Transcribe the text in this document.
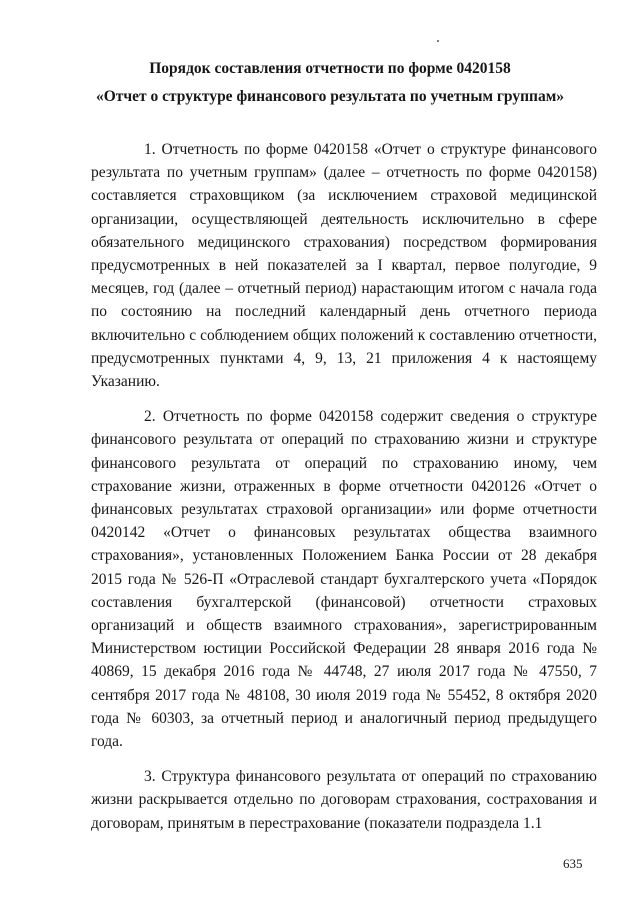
Порядок составления отчетности по форме 0420158
«Отчет о структуре финансового результата по учетным группам»

1. Отчетность по форме 0420158 «Отчет о структуре финансового результата по учетным группам» (далее – отчетность по форме 0420158) составляется страховщиком (за исключением страховой медицинской организации, осуществляющей деятельность исключительно в сфере обязательного медицинского страхования) посредством формирования предусмотренных в ней показателей за I квартал, первое полугодие, 9 месяцев, год (далее – отчетный период) нарастающим итогом с начала года по состоянию на последний календарный день отчетного периода включительно с соблюдением общих положений к составлению отчетности, предусмотренных пунктами 4, 9, 13, 21 приложения 4 к настоящему Указанию.

2. Отчетность по форме 0420158 содержит сведения о структуре финансового результата от операций по страхованию жизни и структуре финансового результата от операций по страхованию иному, чем страхование жизни, отраженных в форме отчетности 0420126 «Отчет о финансовых результатах страховой организации» или форме отчетности 0420142 «Отчет о финансовых результатах общества взаимного страхования», установленных Положением Банка России от 28 декабря 2015 года № 526-П «Отраслевой стандарт бухгалтерского учета «Порядок составления бухгалтерской (финансовой) отчетности страховых организаций и обществ взаимного страхования», зарегистрированным Министерством юстиции Российской Федерации 28 января 2016 года № 40869, 15 декабря 2016 года № 44748, 27 июля 2017 года № 47550, 7 сентября 2017 года № 48108, 30 июля 2019 года № 55452, 8 октября 2020 года № 60303, за отчетный период и аналогичный период предыдущего года.

3. Структура финансового результата от операций по страхованию жизни раскрывается отдельно по договорам страхования, сострахования и договорам, принятым в перестрахование (показатели подраздела 1.1

635
